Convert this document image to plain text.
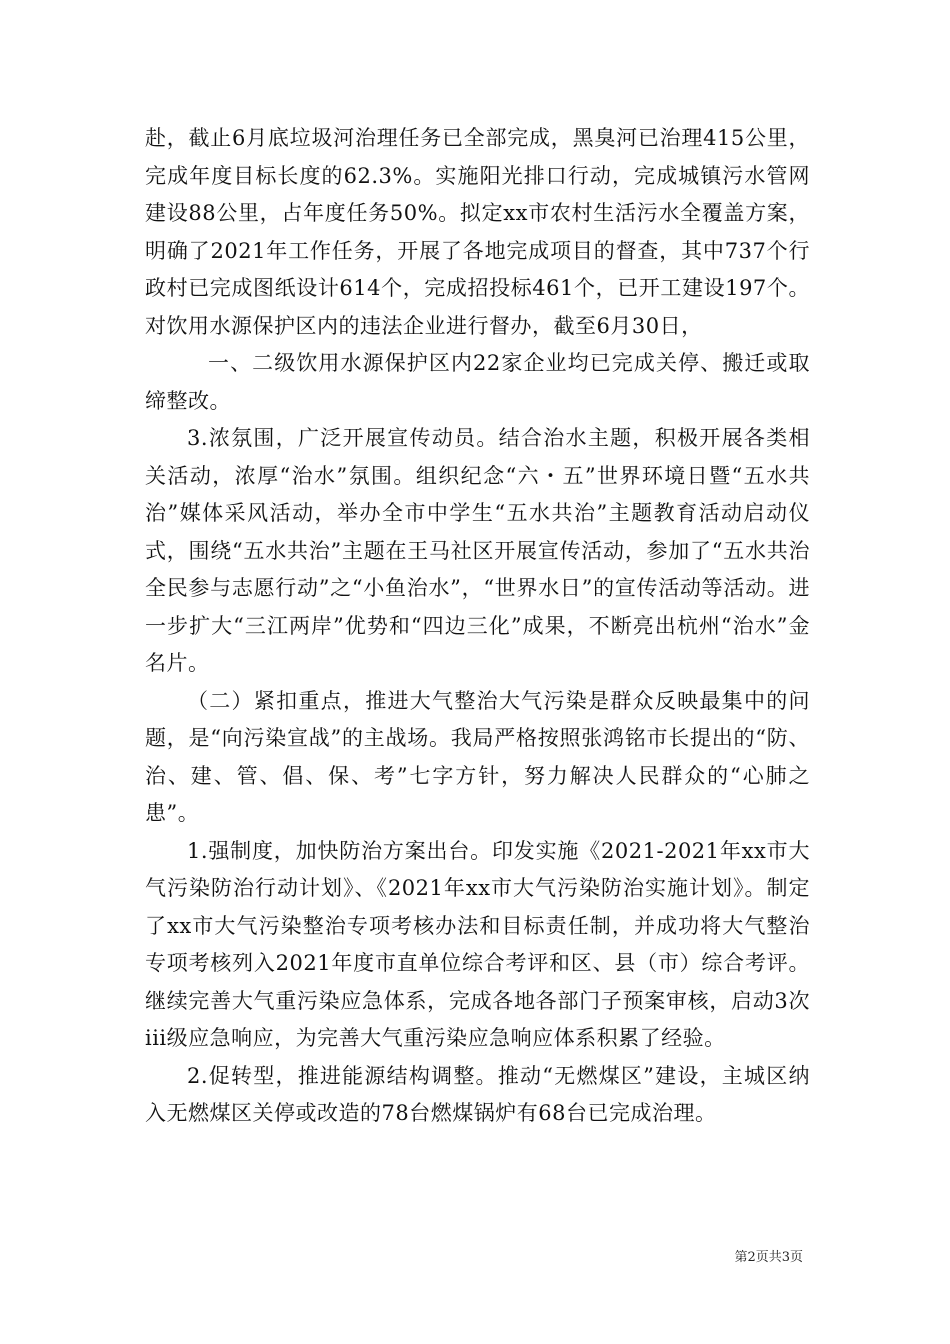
赴，截止6月底垃圾河治理任务已全部完成，黑臭河已治理415公里，完成年度目标长度的62.3%。实施阳光排口行动，完成城镇污水管网建设88公里，占年度任务50%。拟定xx市农村生活污水全覆盖方案，明确了2021年工作任务，开展了各地完成项目的督查，其中737个行政村已完成图纸设计614个，完成招投标461个，已开工建设197个。对饮用水源保护区内的违法企业进行督办，截至6月30日，

一、二级饮用水源保护区内22家企业均已完成关停、搬迁或取缔整改。

3.浓氛围，广泛开展宣传动员。结合治水主题，积极开展各类相关活动，浓厚“治水”氛围。组织纪念“六・五”世界环境日暨“五水共治”媒体采风活动，举办全市中学生“五水共治”主题教育活动启动仪式，围绕“五水共治”主题在王马社区开展宣传活动，参加了“五水共治全民参与志愿行动”之“小鱼治水”，“世界水日”的宣传活动等活动。进一步扩大“三江两岸”优势和“四边三化”成果，不断亮出杭州“治水”金名片。

（二）紧扣重点，推进大气整治大气污染是群众反映最集中的问题，是“向污染宣战”的主战场。我局严格按照张鸿铭市长提出的“防、治、建、管、倡、保、考”七字方针，努力解决人民群众的“心肺之患”。

1.强制度，加快防治方案出台。印发实施《2021-2021年xx市大气污染防治行动计划》、《2021年xx市大气污染防治实施计划》。制定了xx市大气污染整治专项考核办法和目标责任制，并成功将大气整治专项考核列入2021年度市直单位综合考评和区、县（市）综合考评。继续完善大气重污染应急体系，完成各地各部门子预案审核，启动3次iii级应急响应，为完善大气重污染应急响应体系积累了经验。

2.促转型，推进能源结构调整。推动“无燃煤区”建设，主城区纳入无燃煤区关停或改造的78台燃煤锅炉有68台已完成治理。

第2页共3页
